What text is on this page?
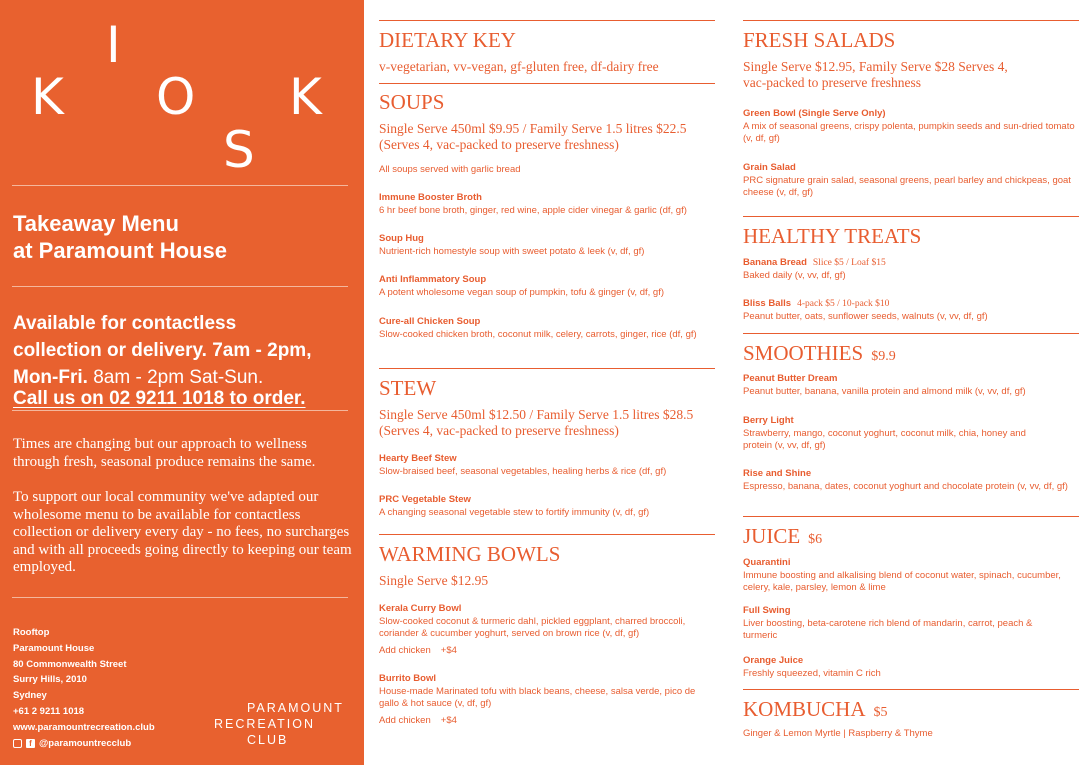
K
I
O
S
K
Takeaway Menu
at Paramount House
Available for contactless
collection or delivery. 7am - 2pm,
Mon-Fri. 8am - 2pm Sat-Sun.
Call us on 02 9211 1018 to order.
Times are changing but our approach to wellness through fresh, seasonal produce remains the same.
To support our local community we've adapted our wholesome menu to be available for contactless collection or delivery every day - no fees, no surcharges and with all proceeds going directly to keeping our team employed.
Rooftop
Paramount House
80 Commonwealth Street
Surry Hills, 2010
Sydney
+61 2 9211 1018
www.paramountrecreation.club
f @paramountrecclub
PARAMOUNT
RECREATION
CLUB
DIETARY KEY
v-vegetarian, vv-vegan, gf-gluten free, df-dairy free
SOUPS
Single Serve 450ml $9.95 / Family Serve 1.5 litres $22.5
(Serves 4, vac-packed to preserve freshness)
All soups served with garlic bread
Immune Booster Broth
6 hr beef bone broth, ginger, red wine, apple cider vinegar & garlic (df, gf)
Soup Hug
Nutrient-rich homestyle soup with sweet potato & leek (v, df, gf)
Anti Inflammatory Soup
A potent wholesome vegan soup of pumpkin, tofu & ginger (v, df, gf)
Cure-all Chicken Soup
Slow-cooked chicken broth, coconut milk, celery, carrots, ginger, rice (df, gf)
STEW
Single Serve 450ml $12.50 / Family Serve 1.5 litres $28.5
(Serves 4, vac-packed to preserve freshness)
Hearty Beef Stew
Slow-braised beef, seasonal vegetables, healing herbs & rice (df, gf)
PRC Vegetable Stew
A changing seasonal vegetable stew to fortify immunity (v, df, gf)
WARMING BOWLS
Single Serve $12.95
Kerala Curry Bowl
Slow-cooked coconut & turmeric dahl, pickled eggplant, charred broccoli, coriander & cucumber yoghurt, served on brown rice (v, df, gf)
Add chicken +$4
Burrito Bowl
House-made Marinated tofu with black beans, cheese, salsa verde, pico de gallo & hot sauce (v, df, gf)
Add chicken +$4
FRESH SALADS
Single Serve $12.95, Family Serve $28 Serves 4, vac-packed to preserve freshness
Green Bowl (Single Serve Only)
A mix of seasonal greens, crispy polenta, pumpkin seeds and sun-dried tomato (v, df, gf)
Grain Salad
PRC signature grain salad, seasonal greens, pearl barley and chickpeas, goat cheese (v, df, gf)
HEALTHY TREATS
Banana Bread Slice $5 / Loaf $15
Baked daily (v, vv, df, gf)
Bliss Balls 4-pack $5 / 10-pack $10
Peanut butter, oats, sunflower seeds, walnuts (v, vv, df, gf)
SMOOTHIES $9.9
Peanut Butter Dream
Peanut butter, banana, vanilla protein and almond milk (v, vv, df, gf)
Berry Light
Strawberry, mango, coconut yoghurt, coconut milk, chia, honey and protein (v, vv, df, gf)
Rise and Shine
Espresso, banana, dates, coconut yoghurt and chocolate protein (v, vv, df, gf)
JUICE $6
Quarantini
Immune boosting and alkalising blend of coconut water, spinach, cucumber, celery, kale, parsley, lemon & lime
Full Swing
Liver boosting, beta-carotene rich blend of mandarin, carrot, peach & turmeric
Orange Juice
Freshly squeezed, vitamin C rich
KOMBUCHA $5
Ginger & Lemon Myrtle | Raspberry & Thyme
